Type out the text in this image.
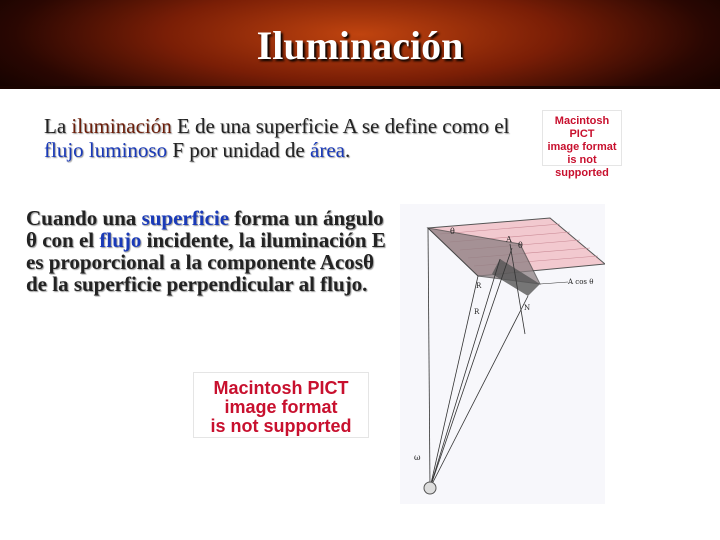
Iluminación
La iluminación E de una superficie A se define como el flujo luminoso F por unidad de área.
Macintosh PICT
image format
is not supported
Cuando una superficie forma un ángulo θ con el flujo incidente, la iluminación E es proporcional a la componente Acosθ de la superficie perpendicular al flujo.
Macintosh PICT
image format
is not supported
θ
A
θ
A cos θ
R
R	N
ω
